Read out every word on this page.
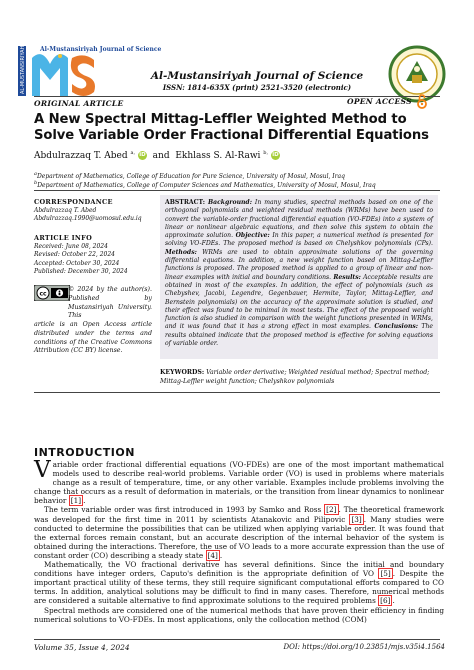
AL-MUSTANSIRIYAH Al-Mustansiriyah Journal of Science
Al-Mustansiriyah Journal of Science
ISSN: 1814-635X (print) 2521-3520 (electronic)
ORIGINAL ARTICLE	OPEN ACCESS
A New Spectral Mittag-Leffler Weighted Method to Solve Variable Order Fractional Differential Equations
Abdulrazzaq T. Abed $^{a,}$ iD and Ekhlass S. Al-Rawi $^{b,}$ iD
$^a$Department of Mathematics, College of Education for Pure Science, University of Mosul, Mosul, Iraq
$^b$Department of Mathematics, College of Computer Sciences and Mathematics, University of Mosul, Mosul, Iraq
CORRESPONDANCE
Abdulrazzaq T. Abed
Abdulrazzaq.1990@uomosul.edu.iq
ARTICLE INFO
Received: June 08, 2024
Revised: October 22, 2024
Accepted: October 30, 2024
Published: December 30, 2024
cc
© 2024 by the author(s). Published by Mustansiriyah University. This
article is an Open Access article distributed under the terms and conditions of the Creative Commons Attribution (CC BY) license.
ABSTRACT: Background: In many studies, spectral methods based on one of the orthogonal polynomials and weighted residual methods (WRMs) have been used to convert the variable-order fractional differential equation (VO-FDEs) into a system of linear or nonlinear algebraic equations, and then solve this system to obtain the approximate solution. Objective: In this paper, a numerical method is presented for solving VO-FDEs. The proposed method is based on Chelyshkov polynomials (CPs). Methods: WRMs are used to obtain approximate solutions of the governing differential equations. In addition, a new weight function based on Mittag-Leffler functions is proposed. The proposed method is applied to a group of linear and non-linear examples with initial and boundary conditions. Results: Acceptable results are obtained in most of the examples. In addition, the effect of polynomials (such as Chebyshev, Jacobi, Legendre, Gegenbauer, Hermite, Taylor, Mittag-Leffler, and Bernstein polynomials) on the accuracy of the approximate solution is studied, and their effect was found to be minimal in most tests. The effect of the proposed weight function is also studied in comparison with the weight functions presented in WRMs, and it was found that it has a strong effect in most examples. Conclusions: The results obtained indicate that the proposed method is effective for solving equations of variable order.
KEYWORDS: Variable order derivative; Weighted residual method; Spectral method; Mittag-Leffler weight function; Chelyshkov polynomials
INTRODUCTION

Variable order fractional differential equations (VO-FDEs) are one of the most important mathematical models used to describe real-world problems. Variable order (VO) is used in problems where materials change as a result of temperature, time, or any other variable. Examples include problems involving the change that occurs as a result of deformation in materials, or the transition from linear dynamics to nonlinear behavior [1] .

The term variable order was first introduced in 1993 by Samko and Ross [2] . The theoretical framework was developed for the first time in 2011 by scientists Atanakovic and Pilipovic [3] . Many studies were conducted to determine the possibilities that can be utilized when applying variable order. It was found that the external forces remain constant, but an accurate description of the internal behavior of the system is obtained during the interactions. Therefore, the use of VO leads to a more accurate expression than the use of constant order (CO) describing a steady state [4] .

Mathematically, the VO fractional derivative has several definitions. Since the initial and boundary conditions have integer orders, Caputo's definition is the appropriate definition of VO [5] . Despite the important practical utility of these terms, they still require significant computational efforts compared to CO terms. In addition, analytical solutions may be difficult to find in many cases. Therefore, numerical methods are considered a suitable alternative to find approximate solutions to the required problems [6] .

Spectral methods are considered one of the numerical methods that have proven their efficiency in finding numerical solutions to VO-FDEs. In most applications, only the collocation method (COM)

Volume 35, Issue 4, 2024	DOI: https://doi.org/10.23851/mjs.v35i4.1564
